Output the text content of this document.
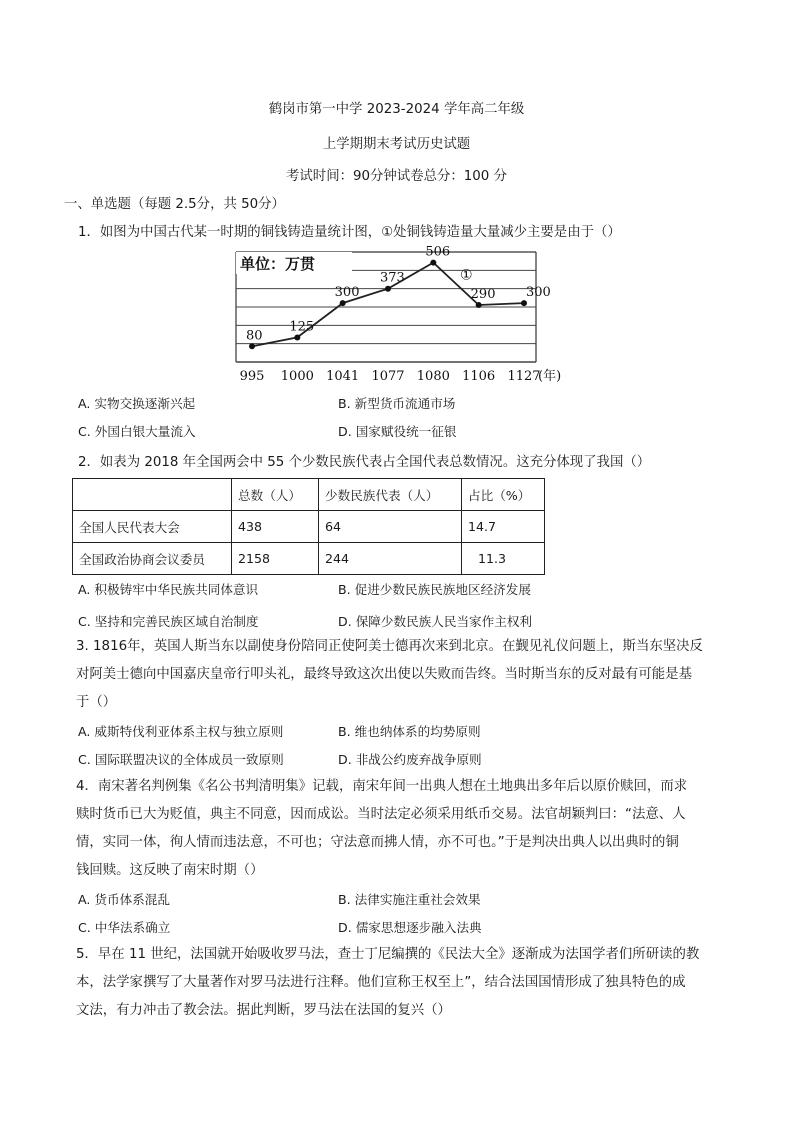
鹤岗市第一中学 2023-2024 学年高二年级
上学期期末考试历史试题
考试时间：90分钟试卷总分：100 分
一、单选题（每题 2.5分，共 50分）
1．如图为中国古代某一时期的铜钱铸造量统计图，①处铜钱铸造量大量减少主要是由于（）
单位：万贯
80
125
300
373
506
290 300
①
995 1000 1041 1077 1080 1106 1127
(年)
A. 实物交换逐渐兴起	B. 新型货币流通市场
C. 外国白银大量流入	D. 国家赋役统一征银
2．如表为 2018 年全国两会中 55 个少数民族代表占全国代表总数情况。这充分体现了我国（）
	总数（人）	少数民族代表（人）	占比（%）
全国人民代表大会	438	64	14.7
全国政治协商会议委员	2158	244	11.3
A. 积极铸牢中华民族共同体意识	B. 促进少数民族民族地区经济发展
C. 坚持和完善民族区域自治制度	D. 保障少数民族人民当家作主权利
3. 1816年，英国人斯当东以副使身份陪同正使阿美士德再次来到北京。在觐见礼仪问题上，斯当东坚决反
对阿美士德向中国嘉庆皇帝行叩头礼，最终导致这次出使以失败而告终。当时斯当东的反对最有可能是基
于（）
A. 威斯特伐利亚体系主权与独立原则	B. 维也纳体系的均势原则
C. 国际联盟决议的全体成员一致原则	D. 非战公约废弃战争原则
4．南宋著名判例集《名公书判清明集》记载，南宋年间一出典人想在土地典出多年后以原价赎回，而求
赎时货币已大为贬值，典主不同意，因而成讼。当时法定必须采用纸币交易。法官胡颖判曰：“法意、人
情，实同一体，徇人情而违法意，不可也；守法意而拂人情，亦不可也。”于是判决出典人以出典时的铜
钱回赎。这反映了南宋时期（）
A. 货币体系混乱	B. 法律实施注重社会效果
C. 中华法系确立	D. 儒家思想逐步融入法典
5．早在 11 世纪，法国就开始吸收罗马法，查士丁尼编撰的《民法大全》逐渐成为法国学者们所研读的教
本，法学家撰写了大量著作对罗马法进行注释。他们宣称王权至上”，结合法国国情形成了独具特色的成
文法，有力冲击了教会法。据此判断，罗马法在法国的复兴（）
